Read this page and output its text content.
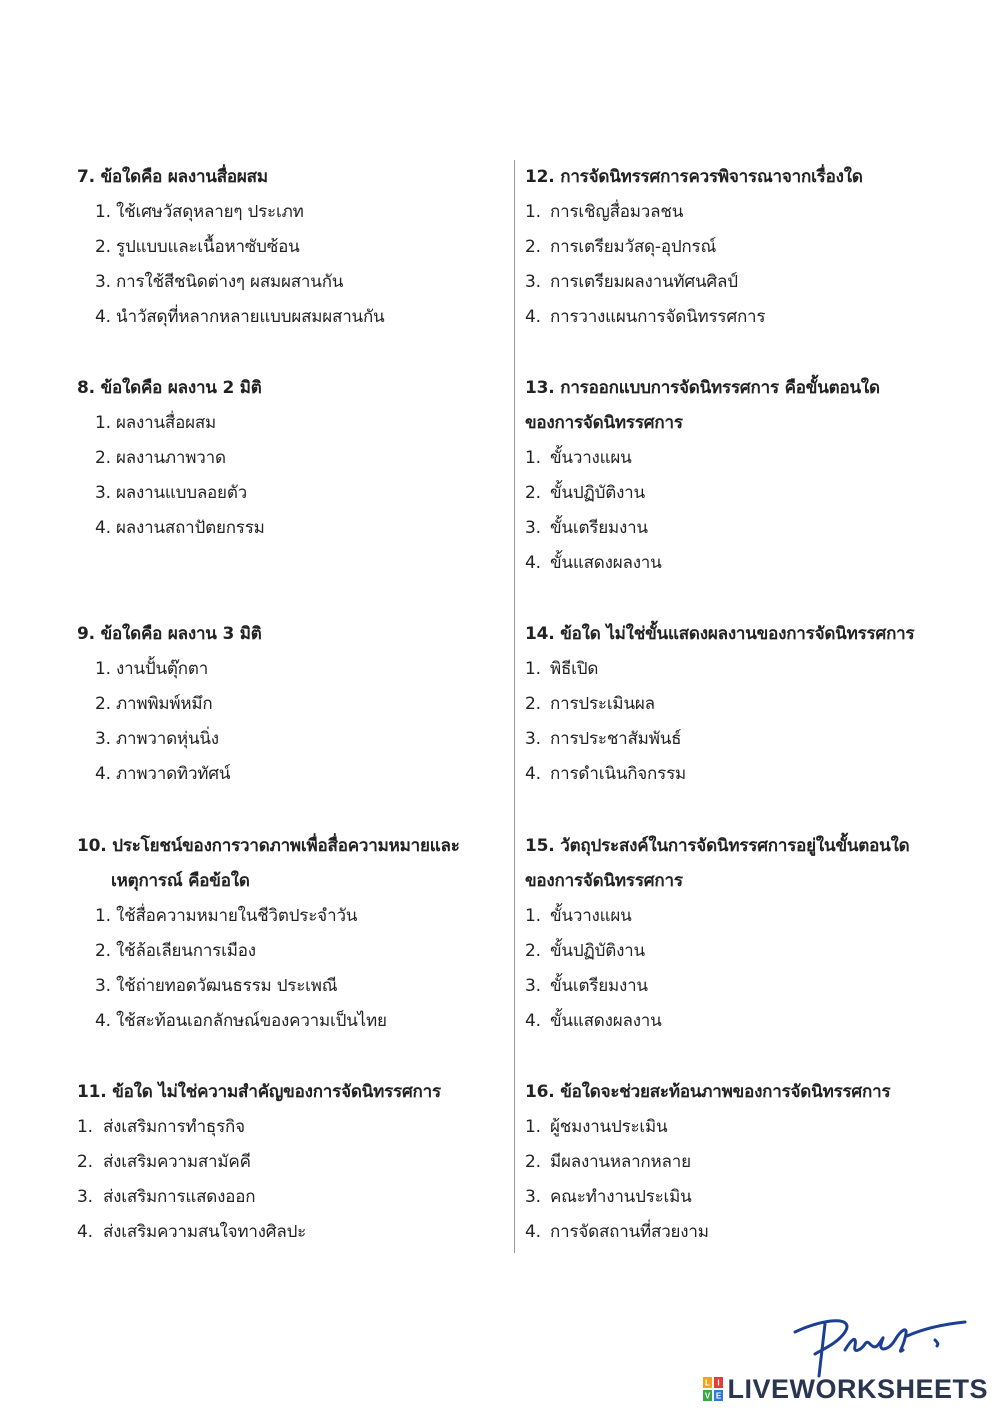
7. ข้อใดคือ ผลงานสื่อผสม
1. ใช้เศษวัสดุหลายๆ ประเภท
2. รูปแบบและเนื้อหาซับซ้อน
3. การใช้สีชนิดต่างๆ ผสมผสานกัน
4. นำวัสดุที่หลากหลายแบบผสมผสานกัน
8. ข้อใดคือ ผลงาน 2 มิติ
1. ผลงานสื่อผสม
2. ผลงานภาพวาด
3. ผลงานแบบลอยตัว
4. ผลงานสถาปัตยกรรม
9. ข้อใดคือ ผลงาน 3 มิติ
1. งานปั้นตุ๊กตา
2. ภาพพิมพ์หมึก
3. ภาพวาดหุ่นนิ่ง
4. ภาพวาดทิวทัศน์
10. ประโยชน์ของการวาดภาพเพื่อสื่อความหมายและ
เหตุการณ์ คือข้อใด
1. ใช้สื่อความหมายในชีวิตประจำวัน
2. ใช้ล้อเลียนการเมือง
3. ใช้ถ่ายทอดวัฒนธรรม ประเพณี
4. ใช้สะท้อนเอกลักษณ์ของความเป็นไทย
11. ข้อใด ไม่ใช่ความสำคัญของการจัดนิทรรศการ
1. ส่งเสริมการทำธุรกิจ
2. ส่งเสริมความสามัคคี
3. ส่งเสริมการแสดงออก
4. ส่งเสริมความสนใจทางศิลปะ
12. การจัดนิทรรศการควรพิจารณาจากเรื่องใด
1. การเชิญสื่อมวลชน
2. การเตรียมวัสดุ-อุปกรณ์
3. การเตรียมผลงานทัศนศิลป์
4. การวางแผนการจัดนิทรรศการ
13. การออกแบบการจัดนิทรรศการ คือขั้นตอนใด
ของการจัดนิทรรศการ
1. ขั้นวางแผน
2. ขั้นปฏิบัติงาน
3. ขั้นเตรียมงาน
4. ขั้นแสดงผลงาน
14. ข้อใด ไม่ใช่ขั้นแสดงผลงานของการจัดนิทรรศการ
1. พิธีเปิด
2. การประเมินผล
3. การประชาสัมพันธ์
4. การดำเนินกิจกรรม
15. วัตถุประสงค์ในการจัดนิทรรศการอยู่ในขั้นตอนใด
ของการจัดนิทรรศการ
1. ขั้นวางแผน
2. ขั้นปฏิบัติงาน
3. ขั้นเตรียมงาน
4. ขั้นแสดงผลงาน
16. ข้อใดจะช่วยสะท้อนภาพของการจัดนิทรรศการ
1. ผู้ชมงานประเมิน
2. มีผลงานหลากหลาย
3. คณะทำงานประเมิน
4. การจัดสถานที่สวยงาม
L I
V E LIVEWORKSHEETS
